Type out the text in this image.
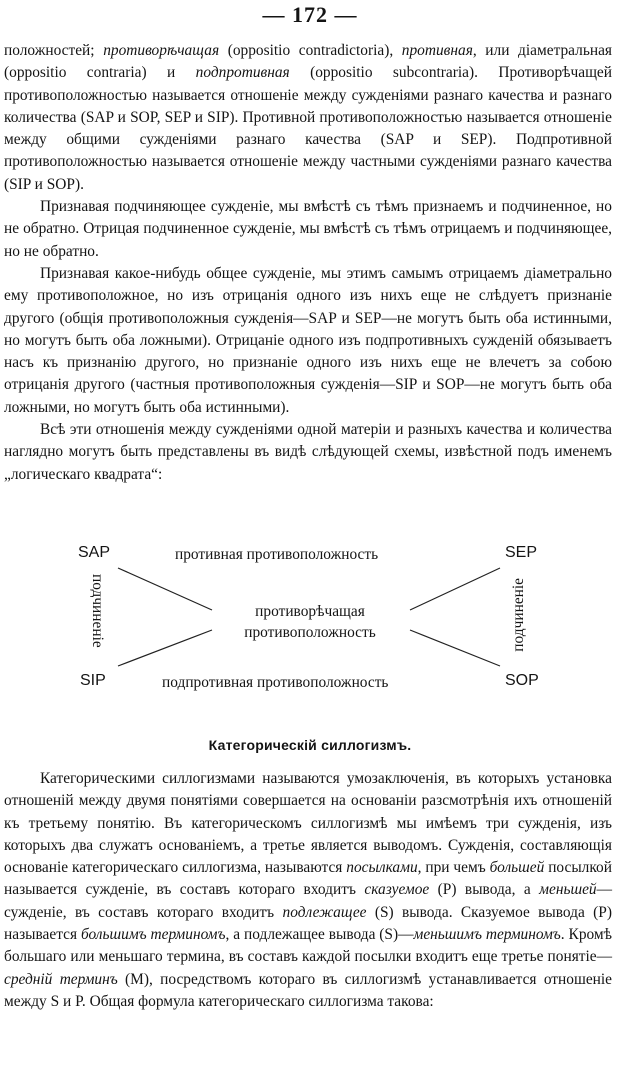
— 172 —

положностей; противорѣчащая (oppositio contradictoria), противная, или діаметральная (oppositio contraria) и подпротивная (oppositio subcontraria). Противорѣчащей противоположностью называется отношеніе между сужденіями разнаго качества и разнаго количества (SAP и SOP, SEP и SIP). Противной противоположностью называется отношеніе между общими сужденіями разнаго качества (SAP и SEP). Подпротивной противоположностью называется отношеніе между частными сужденіями разнаго качества (SIP и SOP).

Признавая подчиняющее сужденіе, мы вмѣстѣ съ тѣмъ признаемъ и подчиненное, но не обратно. Отрицая подчиненное сужденіе, мы вмѣстѣ съ тѣмъ отрицаемъ и подчиняющее, но не обратно.

Признавая какое-нибудь общее сужденіе, мы этимъ самымъ отрицаемъ діаметрально ему противоположное, но изъ отрицанія одного изъ нихъ еще не слѣдуетъ признаніе другого (общія противоположныя сужденія—SAP и SEP—не могутъ быть оба истинными, но могутъ быть оба ложными). Отрицаніе одного изъ подпротивныхъ сужденій обязываетъ насъ къ признанію другого, но признаніе одного изъ нихъ еще не влечетъ за собою отрицанія другого (частныя противоположныя сужденія—SIP и SOP—не могутъ быть оба ложными, но могутъ быть оба истинными).

Всѣ эти отношенія между сужденіями одной матеріи и разныхъ качества и количества наглядно могутъ быть представлены въ видѣ слѣдующей схемы, извѣстной подъ именемъ „логическаго квадрата“:

SAP	SEP
SIP	SOP
противная противоположность
противорѣчащая
противоположность
подпротивная противоположность
подчиненіе	подчиненіе
Категорическій силлогизмъ.

Категорическими силлогизмами называются умозаключенія, въ которыхъ установка отношеній между двумя понятіями совершается на основаніи разсмотрѣнія ихъ отношеній къ третьему понятію. Въ категорическомъ силлогизмѣ мы имѣемъ три сужденія, изъ которыхъ два служатъ основаніемъ, а третье является выводомъ. Сужденія, составляющія основаніе категорическаго силлогизма, называются посылками, при чемъ большей посылкой называется сужденіе, въ составъ котораго входитъ сказуемое (P) вывода, а меньшей—сужденіе, въ составъ котораго входитъ подлежащее (S) вывода. Сказуемое вывода (P) называется большимъ терминомъ, а подлежащее вывода (S)—меньшимъ терминомъ. Кромѣ большаго или меньшаго термина, въ составъ каждой посылки входитъ еще третье понятіе—средній терминъ (M), посредствомъ котораго въ силлогизмѣ устанавливается отношеніе между S и P. Общая формула категорическаго силлогизма такова:
